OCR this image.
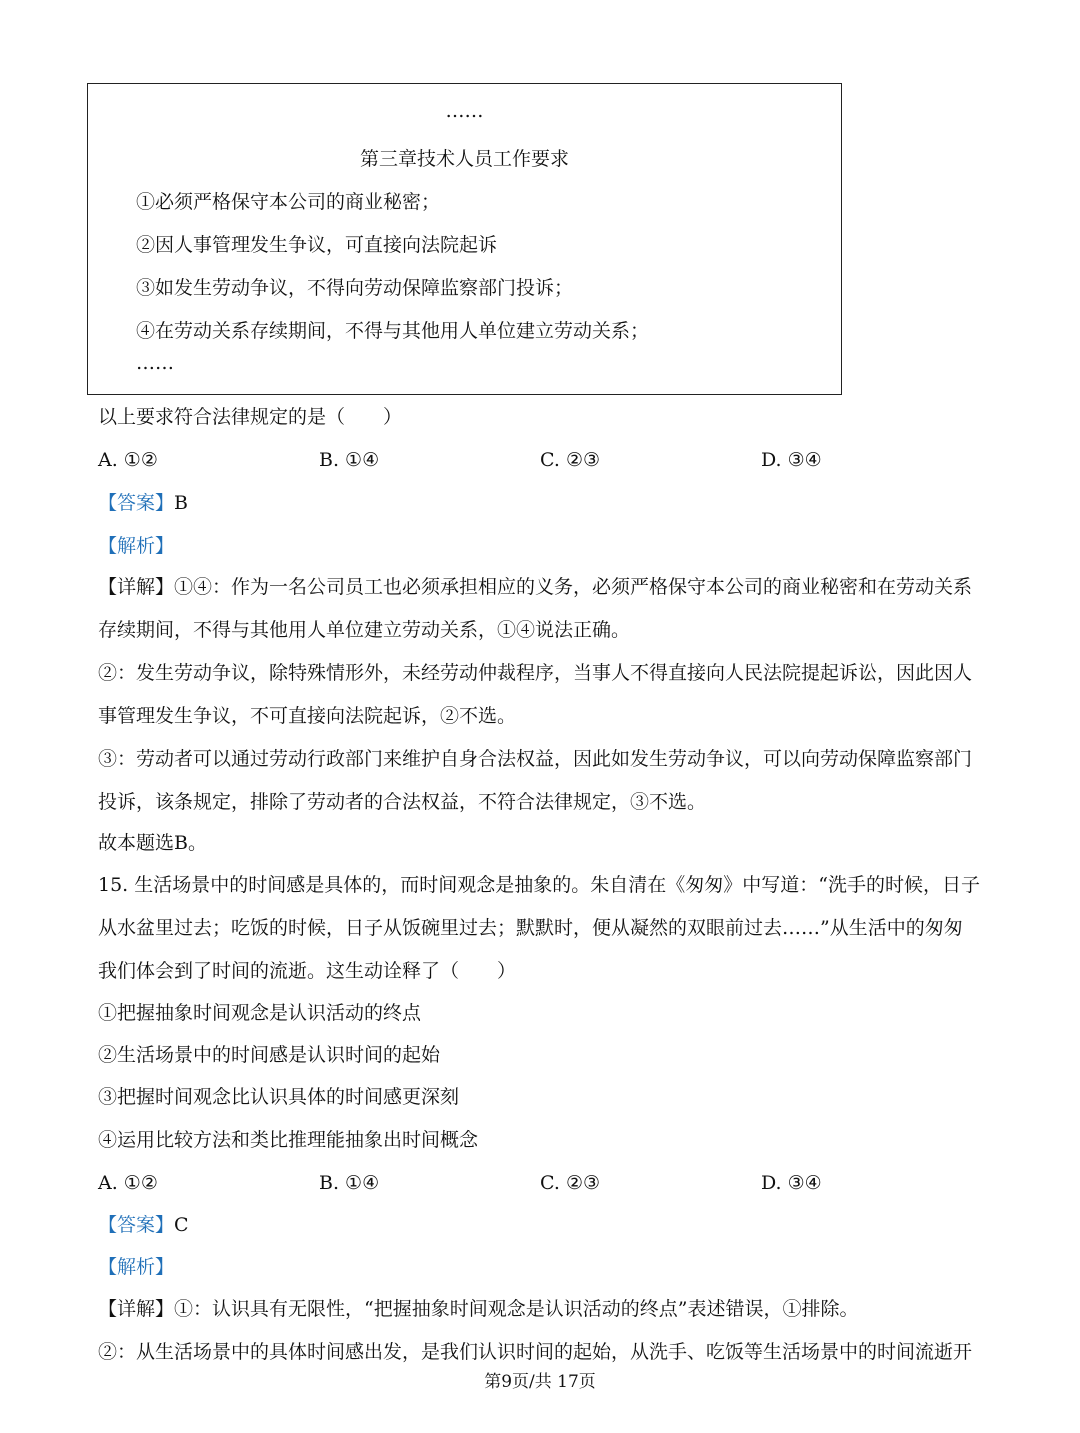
……
第三章技术人员工作要求
①必须严格保守本公司的商业秘密；
②因人事管理发生争议，可直接向法院起诉
③如发生劳动争议，不得向劳动保障监察部门投诉；
④在劳动关系存续期间，不得与其他用人单位建立劳动关系；
……
以上要求符合法律规定的是（　　）
A. ①②	B. ①④	C. ②③	D. ③④
【答案】B
【解析】
【详解】①④：作为一名公司员工也必须承担相应的义务，必须严格保守本公司的商业秘密和在劳动关系
存续期间，不得与其他用人单位建立劳动关系，①④说法正确。
②：发生劳动争议，除特殊情形外，未经劳动仲裁程序，当事人不得直接向人民法院提起诉讼，因此因人
事管理发生争议，不可直接向法院起诉，②不选。
③：劳动者可以通过劳动行政部门来维护自身合法权益，因此如发生劳动争议，可以向劳动保障监察部门
投诉，该条规定，排除了劳动者的合法权益，不符合法律规定，③不选。
故本题选B。
15. 生活场景中的时间感是具体的，而时间观念是抽象的。朱自清在《匆匆》中写道：“洗手的时候，日子
从水盆里过去；吃饭的时候，日子从饭碗里过去；默默时，便从凝然的双眼前过去……”从生活中的匆匆
我们体会到了时间的流逝。这生动诠释了（　　）
①把握抽象时间观念是认识活动的终点
②生活场景中的时间感是认识时间的起始
③把握时间观念比认识具体的时间感更深刻
④运用比较方法和类比推理能抽象出时间概念
A. ①②	B. ①④	C. ②③	D. ③④
【答案】C
【解析】
【详解】①：认识具有无限性，“把握抽象时间观念是认识活动的终点”表述错误，①排除。
②：从生活场景中的具体时间感出发，是我们认识时间的起始，从洗手、吃饭等生活场景中的时间流逝开
第9页/共 17页
